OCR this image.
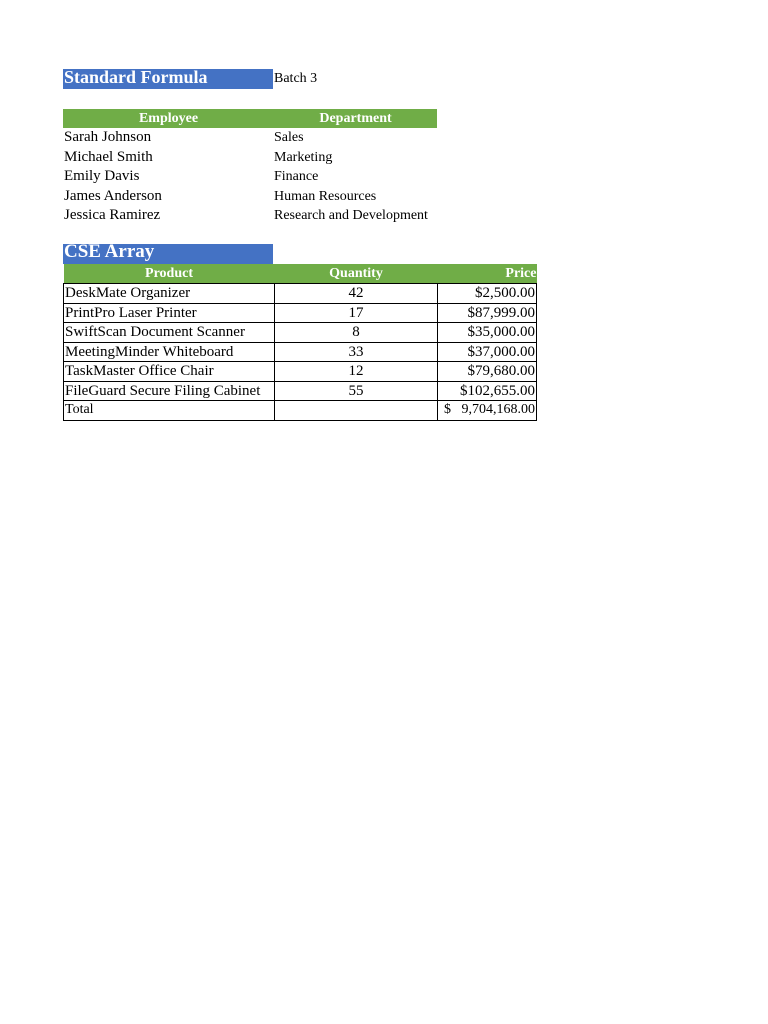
Standard Formula	Batch 3
Employee	Department
Sarah Johnson	Sales
Michael Smith	Marketing
Emily Davis	Finance
James Anderson	Human Resources
Jessica Ramirez	Research and Development
CSE Array
Product	Quantity	Price
DeskMate Organizer	42	$2,500.00
PrintPro Laser Printer	17	$87,999.00
SwiftScan Document Scanner	8	$35,000.00
MeetingMinder Whiteboard	33	$37,000.00
TaskMaster Office Chair	12	$79,680.00
FileGuard Secure Filing Cabinet	55	$102,655.00
Total		$ 9,704,168.00
